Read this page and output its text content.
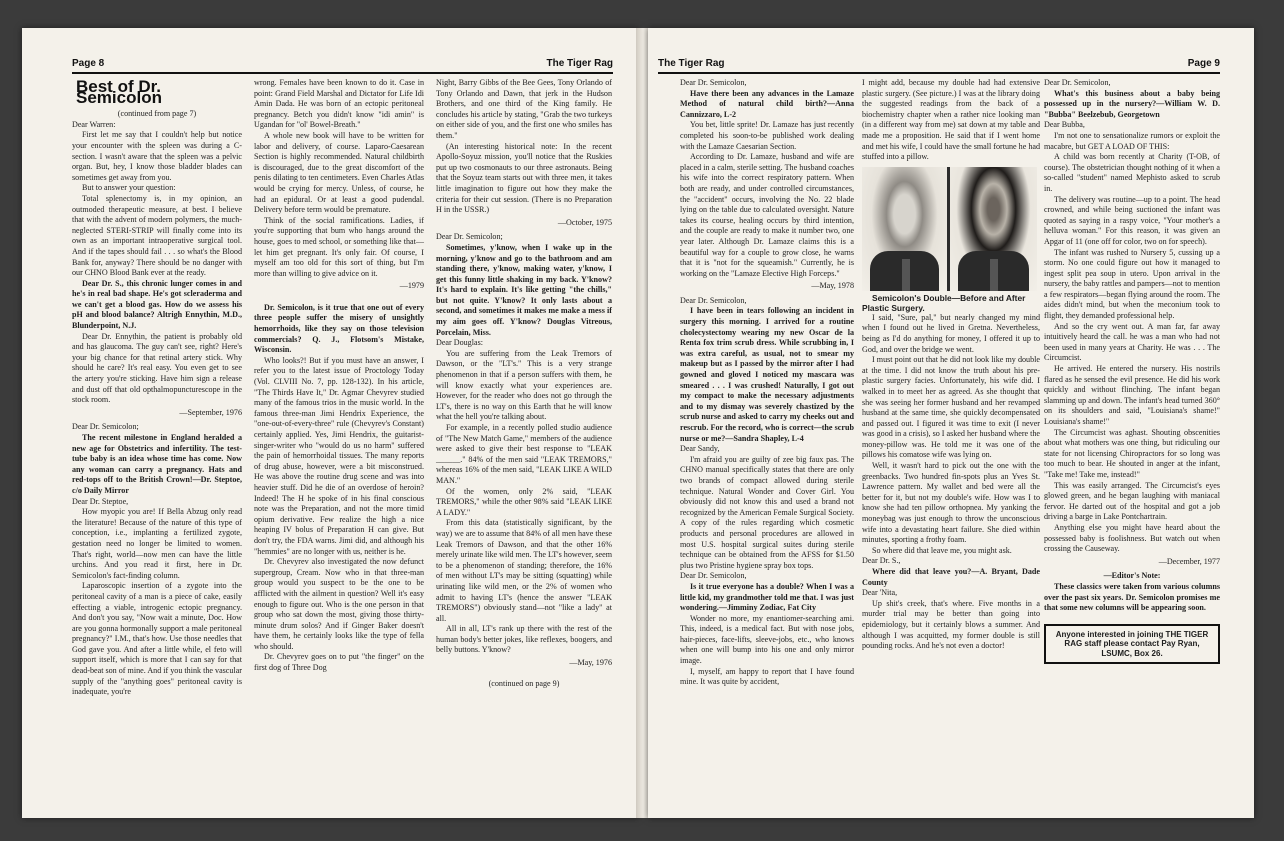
Page 8	The Tiger Rag
Best of Dr. Semicolon

(continued from page 7)

Dear Warren:

First let me say that I couldn't help but notice your encounter with the spleen was during a C-section. I wasn't aware that the spleen was a pelvic organ. But, hey, I know those bladder blades can sometimes get away from you.

But to answer your question:

Total splenectomy is, in my opinion, an outmoded therapeutic measure, at best. I believe that with the advent of modern polymers, the much-neglected STERI-STRIP will finally come into its own as an important intraoperative surgical tool. And if the tapes should fail . . . so what's the Blood Bank for, anyway? There should be no danger with our CHNO Blood Bank ever at the ready.

Dear Dr. S., this chronic lunger comes in and he's in real bad shape. He's got scleraderma and we can't get a blood gas. How do we assess his pH and blood balance? Altrigh Ennythin, M.D., Blunderpoint, N.J.

Dear Dr. Ennythin, the patient is probably old and has glaucoma. The guy can't see, right? Here's your big chance for that retinal artery stick. Why should he care? It's real easy. You even get to see the artery you're sticking. Have him sign a release and dust off that old opthalmopuncturescope in the stock room.

—September, 1976

Dear Dr. Semicolon;

The recent milestone in England heralded a new age for Obstetrics and infertility. The test-tube baby is an idea whose time has come. Now any woman can carry a pregnancy. Hats and red-tops off to the British Crown!—Dr. Steptoe, c/o Daily Mirror

Dear Dr. Steptoe,

How myopic you are! If Bella Abzug only read the literature! Because of the nature of this type of conception, i.e., implanting a fertilized zygote, gestation need no longer be limited to women. That's right, world—now men can have the little urchins. And you read it first, here in Dr. Semicolon's fact-finding column.

Laparoscopic insertion of a zygote into the peritoneal cavity of a man is a piece of cake, easily effecting a viable, introgenic ectopic pregnancy. And don't you say, "Now wait a minute, Doc. How are you gonna hormonally support a male peritoneal pregnancy?" I.M., that's how. Use those needles that God gave you. And after a little while, el feto will support itself, which is more that I can say for that dead-beat son of mine. And if you think the vascular supply of the "anything goes" peritoneal cavity is inadequate, you're

wrong. Females have been known to do it. Case in point: Grand Field Marshal and Dictator for Life Idi Amin Dada. He was born of an ectopic peritoneal pregnancy. Betch you didn't know "idi amin" is Ugandan for "ol' Bowel-Breath."

A whole new book will have to be written for labor and delivery, of course. Laparo-Caesarean Section is highly recommended. Natural childbirth is discouraged, due to the great discomfort of the penis dilating to ten centimeters. Even Charles Atlas would be crying for mercy. Unless, of course, he had an epidural. Or at least a good pudendal. Delivery before term would be premature.

Think of the social ramifications. Ladies, if you're supporting that bum who hangs around the house, goes to med school, or something like that—let him get pregnant. It's only fair. Of course, I myself am too old for this sort of thing, but I'm more than willing to give advice on it.

—1979

Dr. Semicolon, is it true that one out of every three people suffer the misery of unsightly hemorrhoids, like they say on those television commercials? Q. J., Flotsom's Mistake, Wisconsin.

Who looks?! But if you must have an answer, I refer you to the latest issue of Proctology Today (Vol. CLVIII No. 7, pp. 128-132). In his article, "The Thirds Have It," Dr. Agmar Chevyrev studied many of the famous trios in the music world. In the famous three-man Jimi Hendrix Experience, the "one-out-of-every-three" rule (Chevyrev's Constant) certainly applied. Yes, Jimi Hendrix, the guitarist-singer-writer who "would do us no harm" suffered the pain of hemorrhoidal tissues. The many reports of drug abuse, however, were a bit misconstrued. He was above the routine drug scene and was into heavier stuff. Did he die of an overdose of heroin? Indeed! The H he spoke of in his final conscious note was the Preparation, and not the more timid opium derivative. Few realize the high a nice heaping IV bolus of Preparation H can give. But don't try, the FDA warns. Jimi did, and although his "hemmies" are no longer with us, neither is he.

Dr. Chevyrev also investigated the now defunct supergroup, Cream. Now who in that three-man group would you suspect to be the one to be afflicted with the ailment in question? Well it's easy enough to figure out. Who is the one person in that group who sat down the most, giving those thirty-minute drum solos? And if Ginger Baker doesn't have them, he certainly looks like the type of fella who should.

Dr. Chevyrev goes on to put "the finger" on the first dog of Three Dog

Night, Barry Gibbs of the Bee Gees, Tony Orlando of Tony Orlando and Dawn, that jerk in the Hudson Brothers, and one third of the King family. He concludes his article by stating, "Grab the two turkeys on either side of you, and the first one who smiles has them."

(An interesting historical note: In the recent Apollo-Soyuz mission, you'll notice that the Ruskies put up two cosmonauts to our three astronauts. Being that the Soyuz team starts out with three men, it takes little imagination to figure out how they make the criteria for their cut session. (There is no Preparation H in the USSR.)

—October, 1975

Dear Dr. Semicolon;

Sometimes, y'know, when I wake up in the morning, y'know and go to the bathroom and am standing there, y'know, making water, y'know, I get this funny little shaking in my back. Y'know? It's hard to explain. It's like getting "the chills," but not quite. Y'know? It only lasts about a second, and sometimes it makes me make a mess if my aim goes off. Y'know? Douglas Vitreous, Porcelain, Miss.

Dear Douglas:

You are suffering from the Leak Tremors of Dawson, or the "LT's." This is a very strange phenomenon in that if a person suffers with them, he will know exactly what your experiences are. However, for the reader who does not go through the LT's, there is no way on this Earth that he will know what the hell you're talking about.

For example, in a recently polled studio audience of "The New Match Game," members of the audience were asked to give their best response to "LEAK ______." 84% of the men said "LEAK TREMORS," whereas 16% of the men said, "LEAK LIKE A WILD MAN."

Of the women, only 2% said, "LEAK TREMORS," while the other 98% said "LEAK LIKE A LADY."

From this data (statistically significant, by the way) we are to assume that 84% of all men have these Leak Tremors of Dawson, and that the other 16% merely urinate like wild men. The LT's however, seem to be a phenomenon of standing; therefore, the 16% of men without LT's may be sitting (squatting) while urinating like wild men, or the 2% of women who admit to having LT's (hence the answer "LEAK TREMORS") obviously stand—not "like a lady" at all.

All in all, LT's rank up there with the rest of the human body's better jokes, like reflexes, boogers, and belly buttons. Y'know?

—May, 1976

(continued on page 9)

The Tiger Rag	Page 9

Dear Dr. Semicolon,

Have there been any advances in the Lamaze Method of natural child birth?—Anna Cannizzaro, L-2

You bet, little sprite! Dr. Lamaze has just recently completed his soon-to-be published work dealing with the Lamaze Caesarian Section.

According to Dr. Lamaze, husband and wife are placed in a calm, sterile setting. The husband coaches his wife into the correct respiratory pattern. When both are ready, and under controlled circumstances, the "accident" occurs, involving the No. 22 blade lying on the table due to calculated oversight. Nature takes its course, healing occurs by third intention, and the couple are ready to make it number two, one year later. Although Dr. Lamaze claims this is a beautiful way for a couple to grow close, he warns that it is "not for the squeamish." Currently, he is working on the "Lamaze Elective High Forceps."

—May, 1978

Dear Dr. Semicolon,

I have been in tears following an incident in surgery this morning. I arrived for a routine cholecystectomy wearing my new Oscar de la Renta fox trim scrub dress. While scrubbing in, I was extra careful, as usual, not to smear my makeup but as I passed by the mirror after I had gowned and gloved I noticed my mascara was smeared . . . I was crushed! Naturally, I got out my compact to make the necessary adjustments and to my dismay was severely chastized by the scrub nurse and asked to carry my cheeks out and rescrub. For the record, who is correct—the scrub nurse or me?—Sandra Shapley, L-4

Dear Sandy,

I'm afraid you are guilty of zee big faux pas. The CHNO manual specifically states that there are only two brands of compact allowed during sterile technique. Natural Wonder and Cover Girl. You obviously did not know this and used a brand not recognized by the American Female Surgical Society. A copy of the rules regarding which cosmetic products and personal procedures are allowed in most U.S. hospital surgical suites during sterile technique can be obtained from the AFSS for $1.50 plus two Pristine hygiene spray box tops.

Dear Dr. Semicolon,

Is it true everyone has a double? When I was a little kid, my grandmother told me that. I was just wondering.—Jimminy Zodiac, Fat City

Wonder no more, my enantiomer-searching ami. This, indeed, is a medical fact. But with nose jobs, hair-pieces, face-lifts, sleeve-jobs, etc., who knows when one will bump into his one and only mirror image.

I, myself, am happy to report that I have found mine. It was quite by accident,

I might add, because my double had had extensive plastic surgery. (See picture.) I was at the library doing the suggested readings from the back of a biochemistry chapter when a rather nice looking man (in a different way from me) sat down at my table and made me a proposition. He said that if I went home and met his wife, I could have the small fortune he had stuffed into a pillow.

Semicolon's Double—Before and After Plastic Surgery.

I said, "Sure, pal," but nearly changed my mind when I found out he lived in Gretna. Nevertheless, being as I'd do anything for money, I offered it up to God, and over the bridge we went.

I must point out that he did not look like my double at the time. I did not know the truth about his pre-plastic surgery facies. Unfortunately, his wife did. I walked in to meet her as agreed. As she thought that she was seeing her former husband and her revamped husband at the same time, she quickly decompensated and passed out. I figured it was time to exit (I never was good in a crisis), so I asked her husband where the money-pillow was. He told me it was one of the pillows his comatose wife was lying on.

Well, it wasn't hard to pick out the one with the greenbacks. Two hundred fin-spots plus an Yves St. Lawrence pattern. My wallet and bed were all the better for it, but not my double's wife. How was I to know she had ten pillow orthopnea. My yanking the moneybag was just enough to throw the unconscious wife into a devastating heart failure. She died within minutes, sporting a frothy foam.

So where did that leave me, you might ask.

Dear Dr. S.,

Where did that leave you?—A. Bryant, Dade County

Dear 'Nita,

Up shit's creek, that's where. Five months in a murder trial may be better than going into epidemiology, but it certainly blows a summer. And although I was acquitted, my former double is still pounding rocks. And he's not even a doctor!

Dear Dr. Semicolon,

What's this business about a baby being possessed up in the nursery?—William W. D. "Bubba" Beelzebub, Georgetown

Dear Bubba,

I'm not one to sensationalize rumors or exploit the macabre, but GET A LOAD OF THIS:

A child was born recently at Charity (T-OB, of course). The obstetrician thought nothing of it when a so-called "student" named Mephisto asked to scrub in.

The delivery was routine—up to a point. The head crowned, and while being suctioned the infant was quoted as saying in a raspy voice, "Your mother's a helluva woman." For this reason, it was given an Apgar of 11 (one off for color, two on for speech).

The infant was rushed to Nursery 5, cussing up a storm. No one could figure out how it managed to ingest split pea soup in utero. Upon arrival in the nursery, the baby rattles and pampers—not to mention a few respirators—began flying around the room. The aides didn't mind, but when the meconium took to flight, they demanded professional help.

And so the cry went out. A man far, far away intuitively heard the call. he was a man who had not been used in many years at Charity. He was . . . The Circumcist.

He arrived. He entered the nursery. His nostrils flared as he sensed the evil presence. He did his work quickly and without flinching. The infant began slamming up and down. The infant's head turned 360° on its shoulders and said, "Louisiana's shame!" Louisiana's shame!"

The Circumcist was aghast. Shouting obscenities about what mothers was one thing, but ridiculing our state for not licensing Chiropractors for so long was too much to bear. He shouted in anger at the infant, "Take me! Take me, instead!"

This was easily arranged. The Circumcist's eyes glowed green, and he began laughing with maniacal fervor. He darted out of the hospital and got a job driving a barge in Lake Pontchartrain.

Anything else you might have heard about the possessed baby is foolishness. But watch out when crossing the Causeway.

—December, 1977

—Editor's Note:

These classics were taken from various columns over the past six years. Dr. Semicolon promises me that some new columns will be appearing soon.

Anyone interested in joining THE TIGER RAG staff please contact Pay Ryan, LSUMC, Box 26.
